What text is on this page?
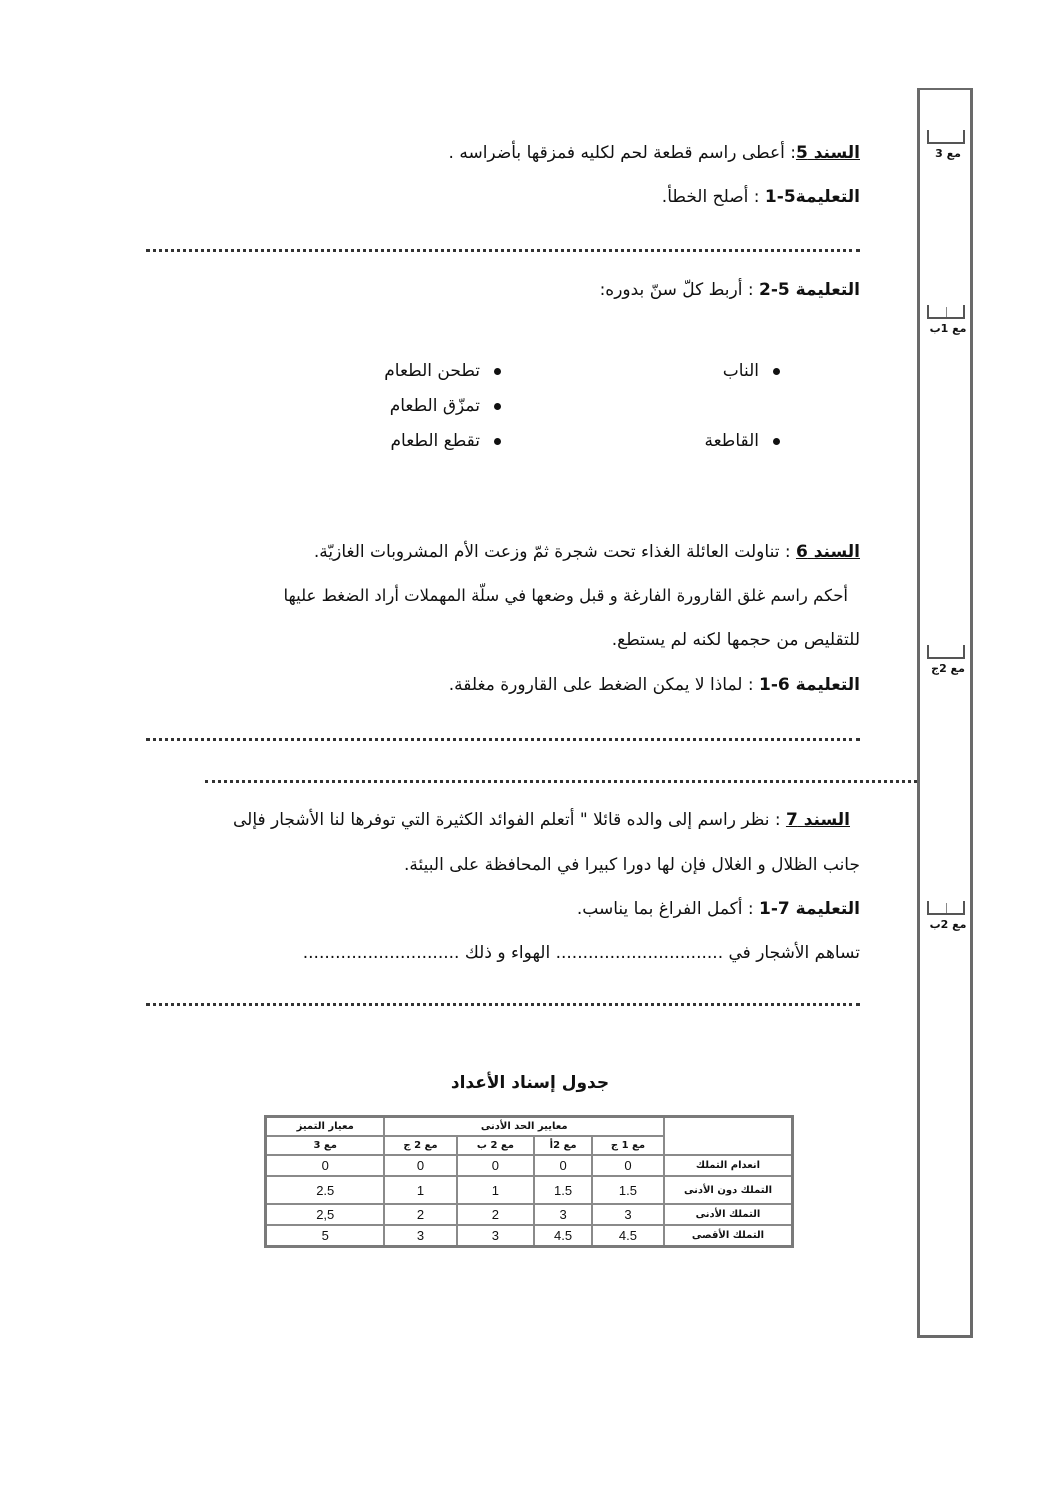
مع 3
مع 1ب
مع 2ج
مع 2ب
السند 5: أعطى راسم قطعة لحم لكليه فمزقها بأضراسه .
التعليمة5-1 : أصلح الخطأ.
التعليمة 5-2 : أربط كلّ سنّ بدوره:
الناب
القاطعة
تطحن الطعام
تمزّق الطعام
تقطع الطعام
السند 6 : تناولت العائلة الغذاء تحت شجرة ثمّ وزعت الأم المشروبات الغازيّة.
أحكم راسم غلق القارورة الفارغة و قبل وضعها في سلّة المهملات أراد الضغط عليها
للتقليص من حجمها لكنه لم يستطع.
التعليمة 6-1 : لماذا لا يمكن الضغط على القارورة مغلقة.
السند 7 : نظر راسم إلى والده قائلا " أتعلم الفوائد الكثيرة التي توفرها لنا الأشجار فإلى
جانب الظلال و الغلال فإن لها دورا كبيرا في المحافظة على البيئة.
التعليمة 7-1 : أكمل الفراغ بما يناسب.
تساهم الأشجار في ............................... الهواء و ذلك .............................
جدول إسناد الأعداد
	معايير الحد الأدنى				معيار التميز
	مع 1 ج	مع 2أ	مع 2 ب	مع 2 ج	مع 3
انعدام التملك	0	0	0	0	0
التملك دون الأدنى	1.5	1.5	1	1	2.5
التملك الأدنى	3	3	2	2	2,5
التملك الأقصى	4.5	4.5	3	3	5
